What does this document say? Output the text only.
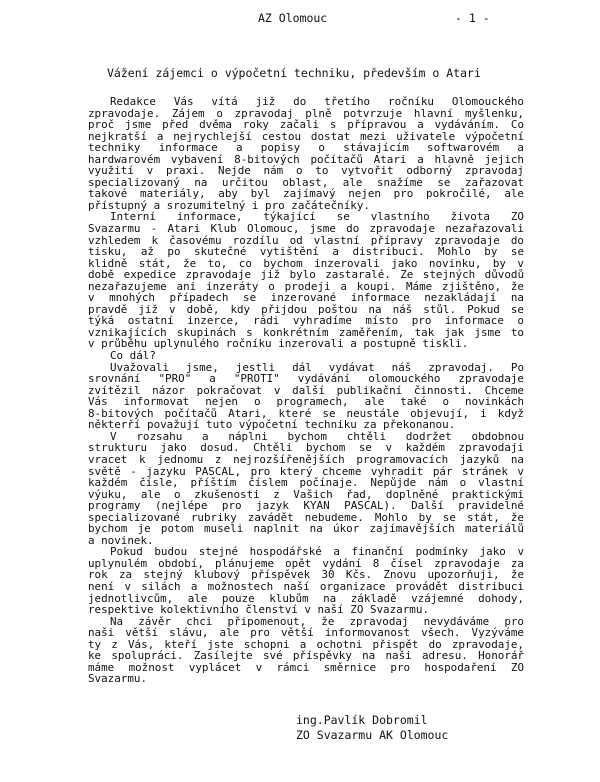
AZ Olomouc	- 1 -
Vážení zájemci o výpočetní techniku, především o Atari
Redakce Vás vítá již do třetího ročníku Olomouckého
zpravodaje. Zájem o zpravodaj plně potvrzuje hlavní myšlenku,
proč jsme před dvěma roky začali s přípravou a vydáváním. Co
nejkratší a nejrychlejší cestou dostat mezi uživatele výpočetní
techniky informace a popisy o stávajícím softwarovém a
hardwarovém vybavení 8-bitových počítačů Atari a hlavně jejich
využití v praxi. Nejde nám o to vytvořit odborný zpravodaj
specializovaný na určitou oblast, ale snažíme se zařazovat
takové materiály, aby byl zajímavý nejen pro pokročilé, ale
přístupný a srozumitelný i pro začátečníky.
Interní informace, týkající se vlastního života ZO
Svazarmu - Atari Klub Olomouc, jsme do zpravodaje nezařazovali
vzhledem k časovému rozdílu od vlastní přípravy zpravodaje do
tisku, až po skutečné vytištění a distribuci. Mohlo by se
klidně stát, že to, co bychom inzerovali jako novinku, by v
době expedice zpravodaje již bylo zastaralé. Ze stejných důvodů
nezařazujeme ani inzeráty o prodeji a koupi. Máme zjištěno, že
v mnohých případech se inzerované informace nezakládají na
pravdě již v době, kdy přijdou poštou na náš stůl. Pokud se
týká ostatní inzerce, rádi vyhradíme místo pro informace o
vznikajících skupinách s konkrétním zaměřením, tak jak jsme to
v průběhu uplynulého ročníku inzerovali a postupně tiskli.
Co dál?
Uvažovali jsme, jestli dál vydávat náš zpravodaj. Po
srovnání "PRO" a "PROTI" vydávání olomouckého zpravodaje
zvítězil názor pokračovat v další publikační činnosti. Chceme
Vás informovat nejen o programech, ale také o novinkách
8-bitových počítačů Atari, které se neustále objevují, i když
některří považují tuto výpočetní techniku za překonanou.
V rozsahu a náplni bychom chtěli dodržet obdobnou
strukturu jako dosud. Chtěli bychom se v každém zpravodaji
vracet k jednomu z nejrozšířenějších programovacích jazyků na
světě - jazyku PASCAL, pro který chceme vyhradit pár stránek v
každém čísle, příštím číslem počínaje. Nepůjde nám o vlastní
výuku, ale o zkušenosti z Vašich řad, doplněné praktickými
programy (nejlépe pro jazyk KYAN PASCAL). Další pravidelné
specializované rubriky zavádět nebudeme. Mohlo by se stát, že
bychom je potom museli naplnit na úkor zajímavějších materiálů
a novinek.
Pokud budou stejné hospodářské a finanční podmínky jako v
uplynulém období, plánujeme opět vydání 8 čísel zpravodaje za
rok za stejný klubový příspěvek 30 Kčs. Znovu upozorňuji, že
není v silách a možnostech naší organizace provádět distribuci
jednotlivcům, ale pouze klubům na základě vzájemné dohody,
respektive kolektivního členství v naší ZO Svazarmu.
Na závěr chci připomenout, že zpravodaj nevydáváme pro
naši větší slávu, ale pro větší informovanost všech. Vyzýváme
ty z Vás, kteří jste schopni a ochotni přispět do zpravodaje,
ke spolupráci. Zasílejte své příspěvky na naši adresu. Honorář
máme možnost vyplácet v rámci směrnice pro hospodaření ZO
Svazarmu.
ing.Pavlík Dobromil
ZO Svazarmu AK Olomouc
